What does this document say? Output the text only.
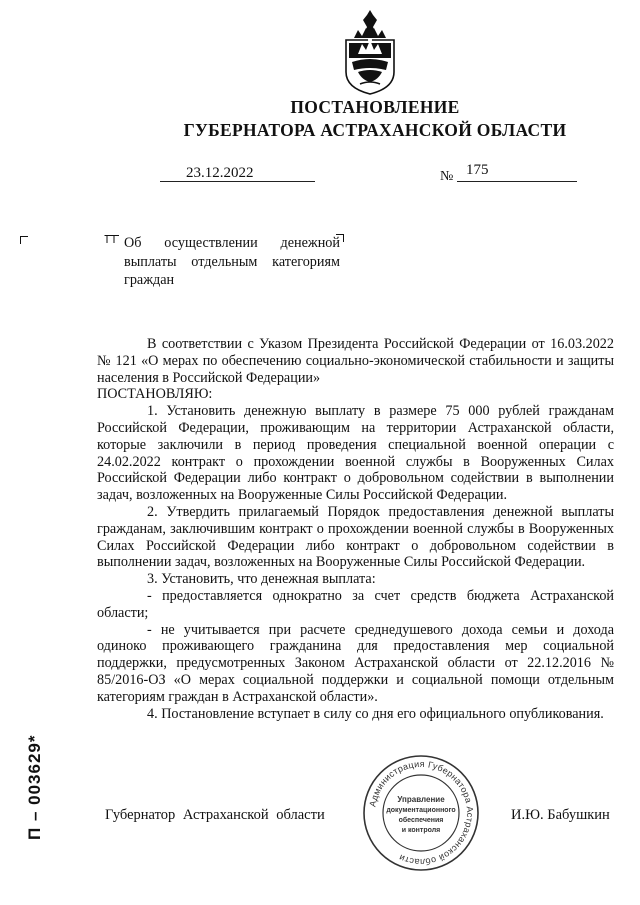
ПОСТАНОВЛЕНИЕ
ГУБЕРНАТОРА АСТРАХАНСКОЙ ОБЛАСТИ
23.12.2022	№ 175
Об осуществлении денежной выплаты отдельным категориям граждан

В соответствии с Указом Президента Российской Федерации от 16.03.2022 № 121 «О мерах по обеспечению социально-экономической стабильности и защиты населения в Российской Федерации»

ПОСТАНОВЛЯЮ:

1. Установить денежную выплату в размере 75 000 рублей гражданам Российской Федерации, проживающим на территории Астраханской области, которые заключили в период проведения специальной военной операции с 24.02.2022 контракт о прохождении военной службы в Вооруженных Силах Российской Федерации либо контракт о добровольном содействии в выполнении задач, возложенных на Вооруженные Силы Российской Федерации.

2. Утвердить прилагаемый Порядок предоставления денежной выплаты гражданам, заключившим контракт о прохождении военной службы в Вооруженных Силах Российской Федерации либо контракт о добровольном содействии в выполнении задач, возложенных на Вооруженные Силы Российской Федерации.

3. Установить, что денежная выплата:

- предоставляется однократно за счет средств бюджета Астраханской области;

- не учитывается при расчете среднедушевого дохода семьи и дохода одиноко проживающего гражданина для предоставления мер социальной поддержки, предусмотренных Законом Астраханской области от 22.12.2016 № 85/2016-ОЗ «О мерах социальной поддержки и социальной помощи отдельным категориям граждан в Астраханской области».

4. Постановление вступает в силу со дня его официального опубликования.

Губернатор Астраханской области	И.Ю. Бабушкин
Администрация Губернатора Астраханской области
Управление
документационного
обеспечения
и контроля
П – 003629*
